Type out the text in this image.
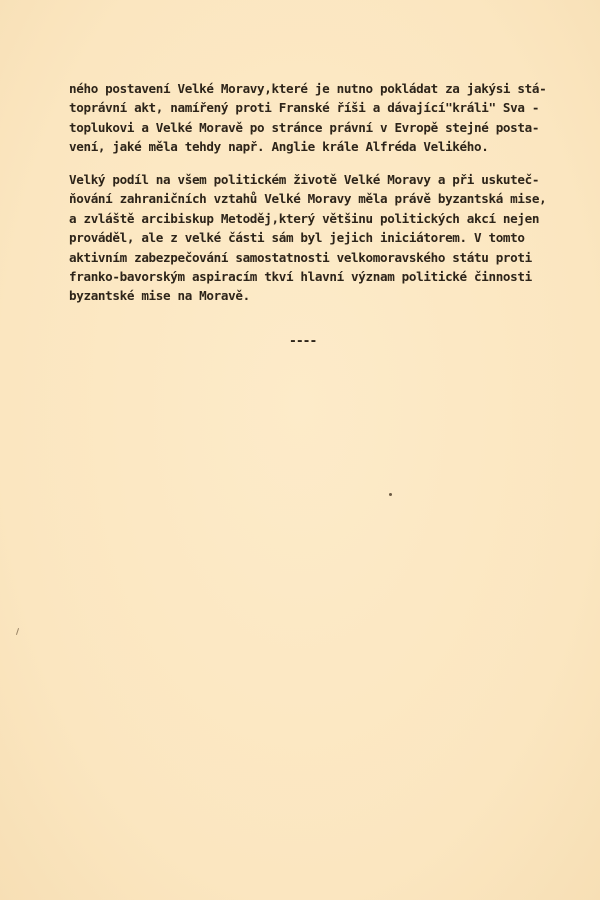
ného postavení Velké Moravy,které je nutno pokládat za jakýsi stá-
toprávní akt, namířený proti Franské říši a dávající"králi" Sva -
toplukovi a Velké Moravě po stránce právní v Evropě stejné posta-
vení, jaké měla tehdy např. Anglie krále Alfréda Velikého.
Velký podíl na všem politickém životě Velké Moravy a při uskuteč-
ňování zahraničních vztahů Velké Moravy měla právě byzantská mise,
a zvláště arcibiskup Metoděj,který většinu politických akcí nejen
prováděl, ale z velké části sám byl jejich iniciátorem. V tomto
aktivním zabezpečování samostatnosti velkomoravského státu proti
franko-bavorským aspiracím tkví hlavní význam politické činnosti
byzantské mise na Moravě.
----
